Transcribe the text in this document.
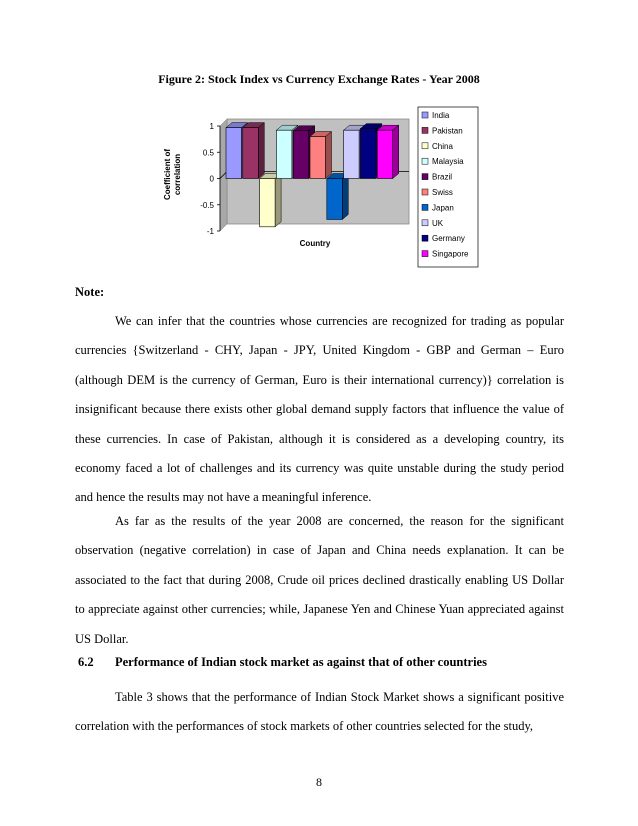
Figure 2: Stock Index vs Currency Exchange Rates - Year 2008
1
0.5
0
-0.5
-1
Coefficient ofcorrelation
Country
India
Pakistan
China
Malaysia
Brazil
Swiss
Japan
UK
Germany
Singapore
Note:

We can infer that the countries whose currencies are recognized for trading as popular currencies {Switzerland - CHY, Japan - JPY, United Kingdom - GBP and German – Euro (although DEM is the currency of German, Euro is their international currency)} correlation is insignificant because there exists other global demand supply factors that influence the value of these currencies. In case of Pakistan, although it is considered as a developing country, its economy faced a lot of challenges and its currency was quite unstable during the study period and hence the results may not have a meaningful inference.

As far as the results of the year 2008 are concerned, the reason for the significant observation (negative correlation) in case of Japan and China needs explanation. It can be associated to the fact that during 2008, Crude oil prices declined drastically enabling US Dollar to appreciate against other currencies; while, Japanese Yen and Chinese Yuan appreciated against US Dollar.

6.2 Performance of Indian stock market as against that of other countries

Table 3 shows that the performance of Indian Stock Market shows a significant positive correlation with the performances of stock markets of other countries selected for the study,

8
